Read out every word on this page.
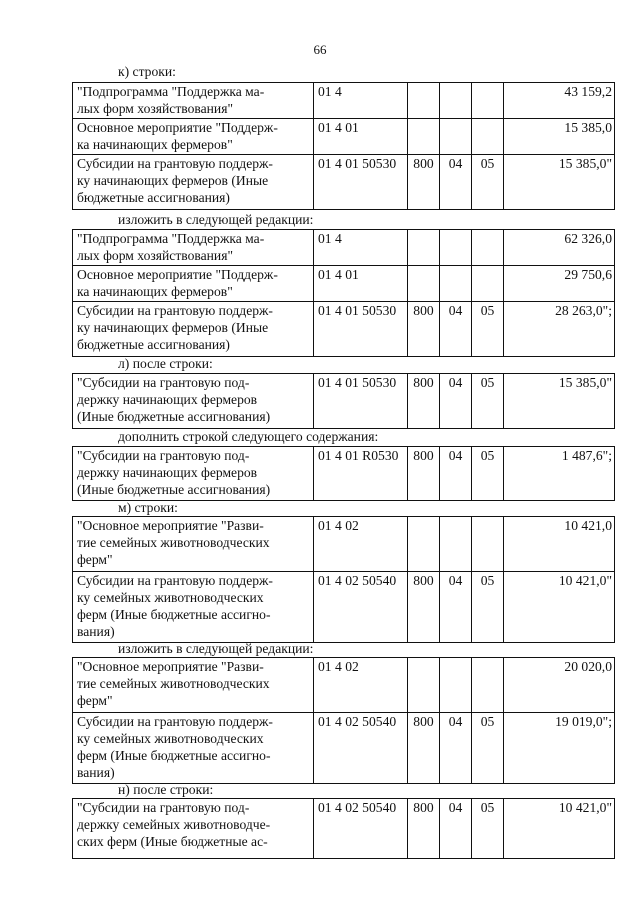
66
к) строки:
"Подпрограмма "Поддержка ма-
лых форм хозяйствования"	01 4				43 159,2
Основное мероприятие "Поддерж-
ка начинающих фермеров"	01 4 01				15 385,0
Субсидии на грантовую поддерж-
ку начинающих фермеров (Иные
бюджетные ассигнования)	01 4 01 50530	800	04	05	15 385,0"
изложить в следующей редакции:
"Подпрограмма "Поддержка ма-
лых форм хозяйствования"	01 4				62 326,0
Основное мероприятие "Поддерж-
ка начинающих фермеров"	01 4 01				29 750,6
Субсидии на грантовую поддерж-
ку начинающих фермеров (Иные
бюджетные ассигнования)	01 4 01 50530	800	04	05	28 263,0";
л) после строки:
"Субсидии на грантовую под-
держку начинающих фермеров
(Иные бюджетные ассигнования)	01 4 01 50530	800	04	05	15 385,0"
дополнить строкой следующего содержания:
"Субсидии на грантовую под-
держку начинающих фермеров
(Иные бюджетные ассигнования)	01 4 01 R0530	800	04	05	1 487,6";
м) строки:
"Основное мероприятие "Разви-
тие семейных животноводческих
ферм"	01 4 02				10 421,0
Субсидии на грантовую поддерж-
ку семейных животноводческих
ферм (Иные бюджетные ассигно-
вания)	01 4 02 50540	800	04	05	10 421,0"
изложить в следующей редакции:
"Основное мероприятие "Разви-
тие семейных животноводческих
ферм"	01 4 02				20 020,0
Субсидии на грантовую поддерж-
ку семейных животноводческих
ферм (Иные бюджетные ассигно-
вания)	01 4 02 50540	800	04	05	19 019,0";
н) после строки:
"Субсидии на грантовую под-
держку семейных животноводче-
ских ферм (Иные бюджетные ас-	01 4 02 50540	800	04	05	10 421,0"
